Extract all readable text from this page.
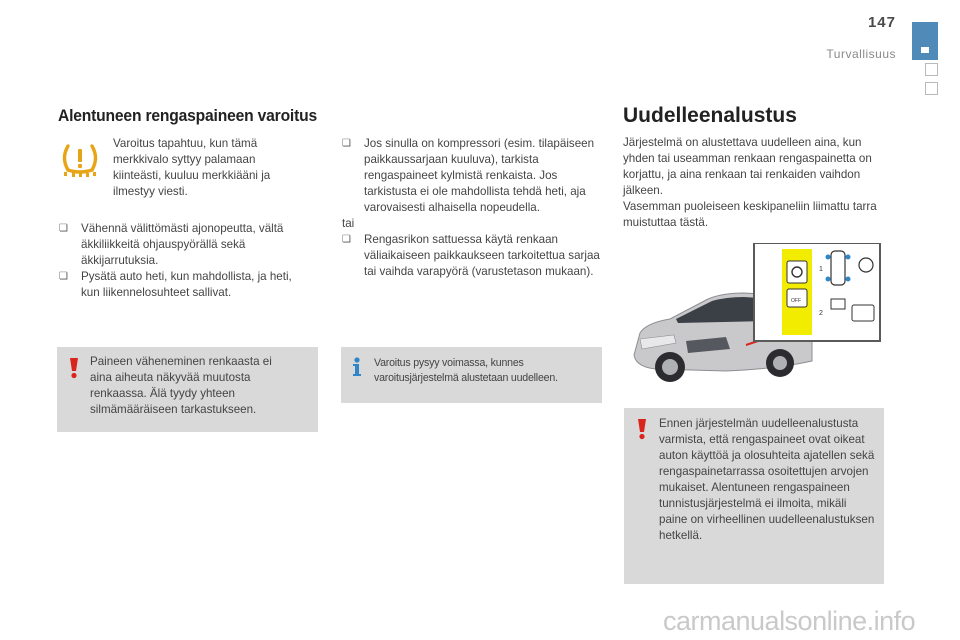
147
Turvallisuus
Alentuneen rengaspaineen varoitus
Varoitus tapahtuu, kun tämä merkkivalo syttyy palamaan kiinteästi, kuuluu merkkiääni ja ilmestyy viesti.
❏ Vähennä välittömästi ajonopeutta, vältä äkkiliikkeitä ohjauspyörällä sekä äkkijarrutuksia.
❏ Pysätä auto heti, kun mahdollista, ja heti, kun liikennelosuhteet sallivat.
Paineen väheneminen renkaasta ei aina aiheuta näkyvää muutosta renkaassa. Älä tyydy yhteen silmämääräiseen tarkastukseen.
❏ Jos sinulla on kompressori (esim. tilapäiseen paikkaussarjaan kuuluva), tarkista rengaspaineet kylmistä renkaista. Jos tarkistusta ei ole mahdollista tehdä heti, aja varovaisesti alhaisella nopeudella.
tai
❏ Rengasrikon sattuessa käytä renkaan väliaikaiseen paikkaukseen tarkoitettua sarjaa tai vaihda varapyörä (varustetason mukaan).
Varoitus pysyy voimassa, kunnes varoitusjärjestelmä alustetaan uudelleen.
Uudelleenalustus
Järjestelmä on alustettava uudelleen aina, kun yhden tai useamman renkaan rengaspainetta on korjattu, ja aina renkaan tai renkaiden vaihdon jälkeen.
Vasemman puoleiseen keskipaneliin liimattu tarra muistuttaa tästä.
1
2
OFF
Ennen järjestelmän uudelleenalustusta varmista, että rengaspaineet ovat oikeat auton käyttöä ja olosuhteita ajatellen sekä rengaspainetarrassa osoitettujen arvojen mukaiset. Alentuneen rengaspaineen tunnistusjärjestelmä ei ilmoita, mikäli paine on virheellinen uudelleenalustuksen hetkellä.
carmanualsonline.info
